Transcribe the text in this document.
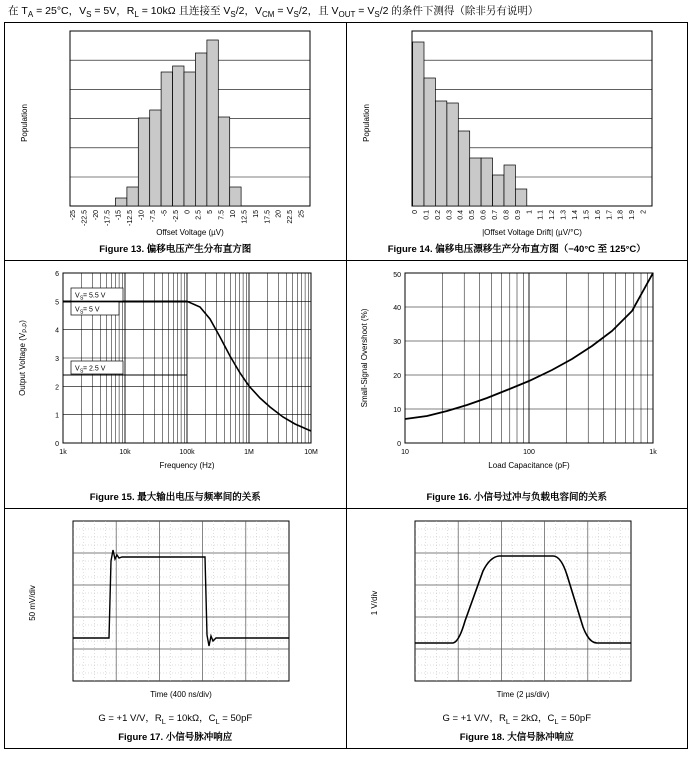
在 $T_A = 25^\circ C$，$V_S = 5V$，$R_L = 10k\Omega$ 且连接至 $V_S/2$，$V_{CM} = V_S/2$，且 $V_{OUT} = V_S/2$ 的条件下测得（除非另有说明）
Population
-25 -22.5 -20 -17.5 -15 -12.5 -10 -7.5 -5 -2.5 0 2.5 5 7.5 10 12.5 15 17.5 20 22.5 25
Offset Voltage (µV)
Figure 13. 偏移电压产生分布直方图

Population
0 0.1 0.2 0.3 0.4 0.5 0.6 0.7 0.8 0.9 1 1.1 1.2 1.3 1.4 1.5 1.6 1.7 1.8 1.9 2
|Offset Voltage Drift| (µV/°C)
Figure 14. 偏移电压漂移生产分布直方图（−40°C 至 125°C）

V S = 5.5 V
V S = 5 V
V S = 2.5 V
0
1
2
3
4
5
6
1k	10k	100k	1M	10M
Frequency (Hz)
Output Voltage $(V_{P-P})$
Figure 15. 最大输出电压与频率间的关系

0
10
20
30
40
50
10	100	1k
Load Capacitance (pF)
Small-Signal Overshoot (%)
Figure 16. 小信号过冲与负载电容间的关系

50 mV/div
Time (400 ns/div)
G = +1 V/V，$R_L = 10k\Omega$，$C_L = 50pF$
Figure 17. 小信号脉冲响应

1 V/div
Time (2 µs/div)
G = +1 V/V，$R_L = 2k\Omega$，$C_L = 50pF$
Figure 18. 大信号脉冲响应
